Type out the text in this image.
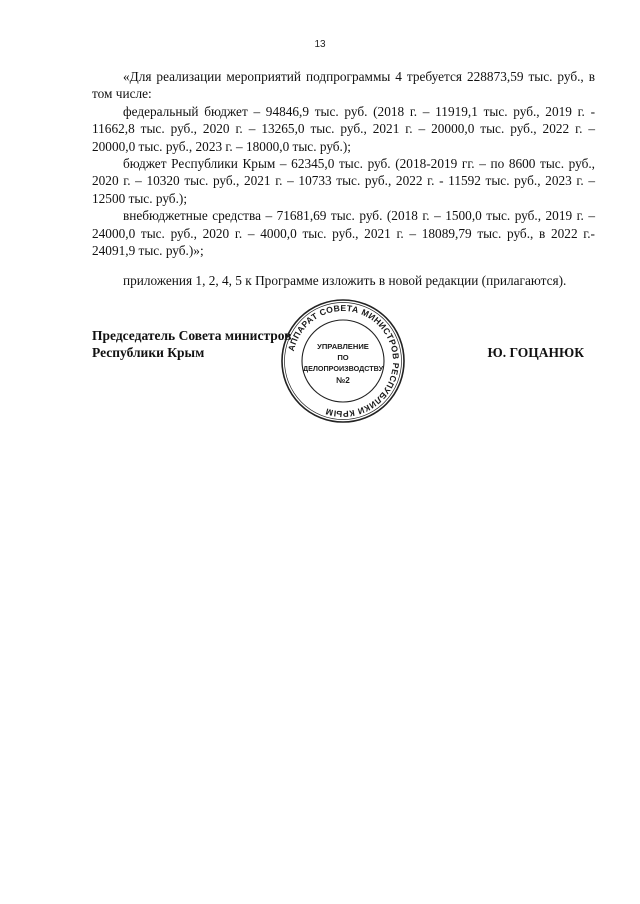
13

«Для реализации мероприятий подпрограммы 4 требуется 228873,59 тыс. руб., в том числе:

федеральный бюджет – 94846,9 тыс. руб. (2018 г. – 11919,1 тыс. руб., 2019 г. - 11662,8 тыс. руб., 2020 г. – 13265,0 тыс. руб., 2021 г. – 20000,0 тыс. руб., 2022 г. – 20000,0 тыс. руб., 2023 г. – 18000,0 тыс. руб.);

бюджет Республики Крым – 62345,0 тыс. руб. (2018-2019 гг. – по 8600 тыс. руб., 2020 г. – 10320 тыс. руб., 2021 г. – 10733 тыс. руб., 2022 г. - 11592 тыс. руб., 2023 г. – 12500 тыс. руб.);

внебюджетные средства – 71681,69 тыс. руб. (2018 г. – 1500,0 тыс. руб., 2019 г. – 24000,0 тыс. руб., 2020 г. – 4000,0 тыс. руб., 2021 г. – 18089,79 тыс. руб., в 2022 г.- 24091,9 тыс. руб.)»;

приложения 1, 2, 4, 5 к Программе изложить в новой редакции (прилагаются).

Председатель Совета министров
Республики Крым	Ю. ГОЦАНЮК
АППАРАТ СОВЕТА МИНИСТРОВ РЕСПУБЛИКИ КРЫМ
УПРАВЛЕНИЕ
ПО
ДЕЛОПРОИЗВОДСТВУ
№2
